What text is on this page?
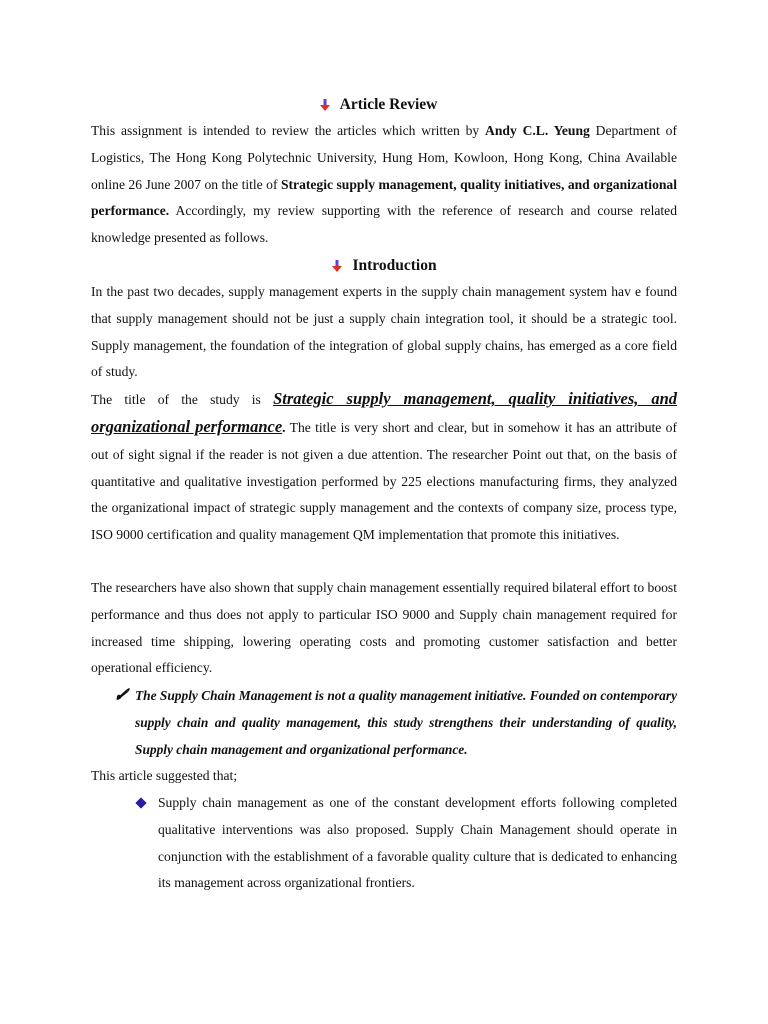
Article Review

This assignment is intended to review the articles which written by Andy C.L. Yeung Department of Logistics, The Hong Kong Polytechnic University, Hung Hom, Kowloon, Hong Kong, China Available online 26 June 2007 on the title of Strategic supply management, quality initiatives, and organizational performance. Accordingly, my review supporting with the reference of research and course related knowledge presented as follows.

Introduction

In the past two decades, supply management experts in the supply chain management system hav e found that supply management should not be just a supply chain integration tool, it should be a strategic tool. Supply management, the foundation of the integration of global supply chains, has emerged as a core field of study.

The title of the study is Strategic supply management, quality initiatives, and organizational performance. The title is very short and clear, but in somehow it has an attribute of out of sight signal if the reader is not given a due attention. The researcher Point out that, on the basis of quantitative and qualitative investigation performed by 225 elections manufacturing firms, they analyzed the organizational impact of strategic supply management and the contexts of company size, process type, ISO 9000 certification and quality management QM implementation that promote this initiatives.

The researchers have also shown that supply chain management essentially required bilateral effort to boost performance and thus does not apply to particular ISO 9000 and Supply chain management required for increased time shipping, lowering operating costs and promoting customer satisfaction and better operational efficiency.

The Supply Chain Management is not a quality management initiative. Founded on contemporary supply chain and quality management, this study strengthens their understanding of quality, Supply chain management and organizational performance.

This article suggested that;

Supply chain management as one of the constant development efforts following completed qualitative interventions was also proposed. Supply Chain Management should operate in conjunction with the establishment of a favorable quality culture that is dedicated to enhancing its management across organizational frontiers.
